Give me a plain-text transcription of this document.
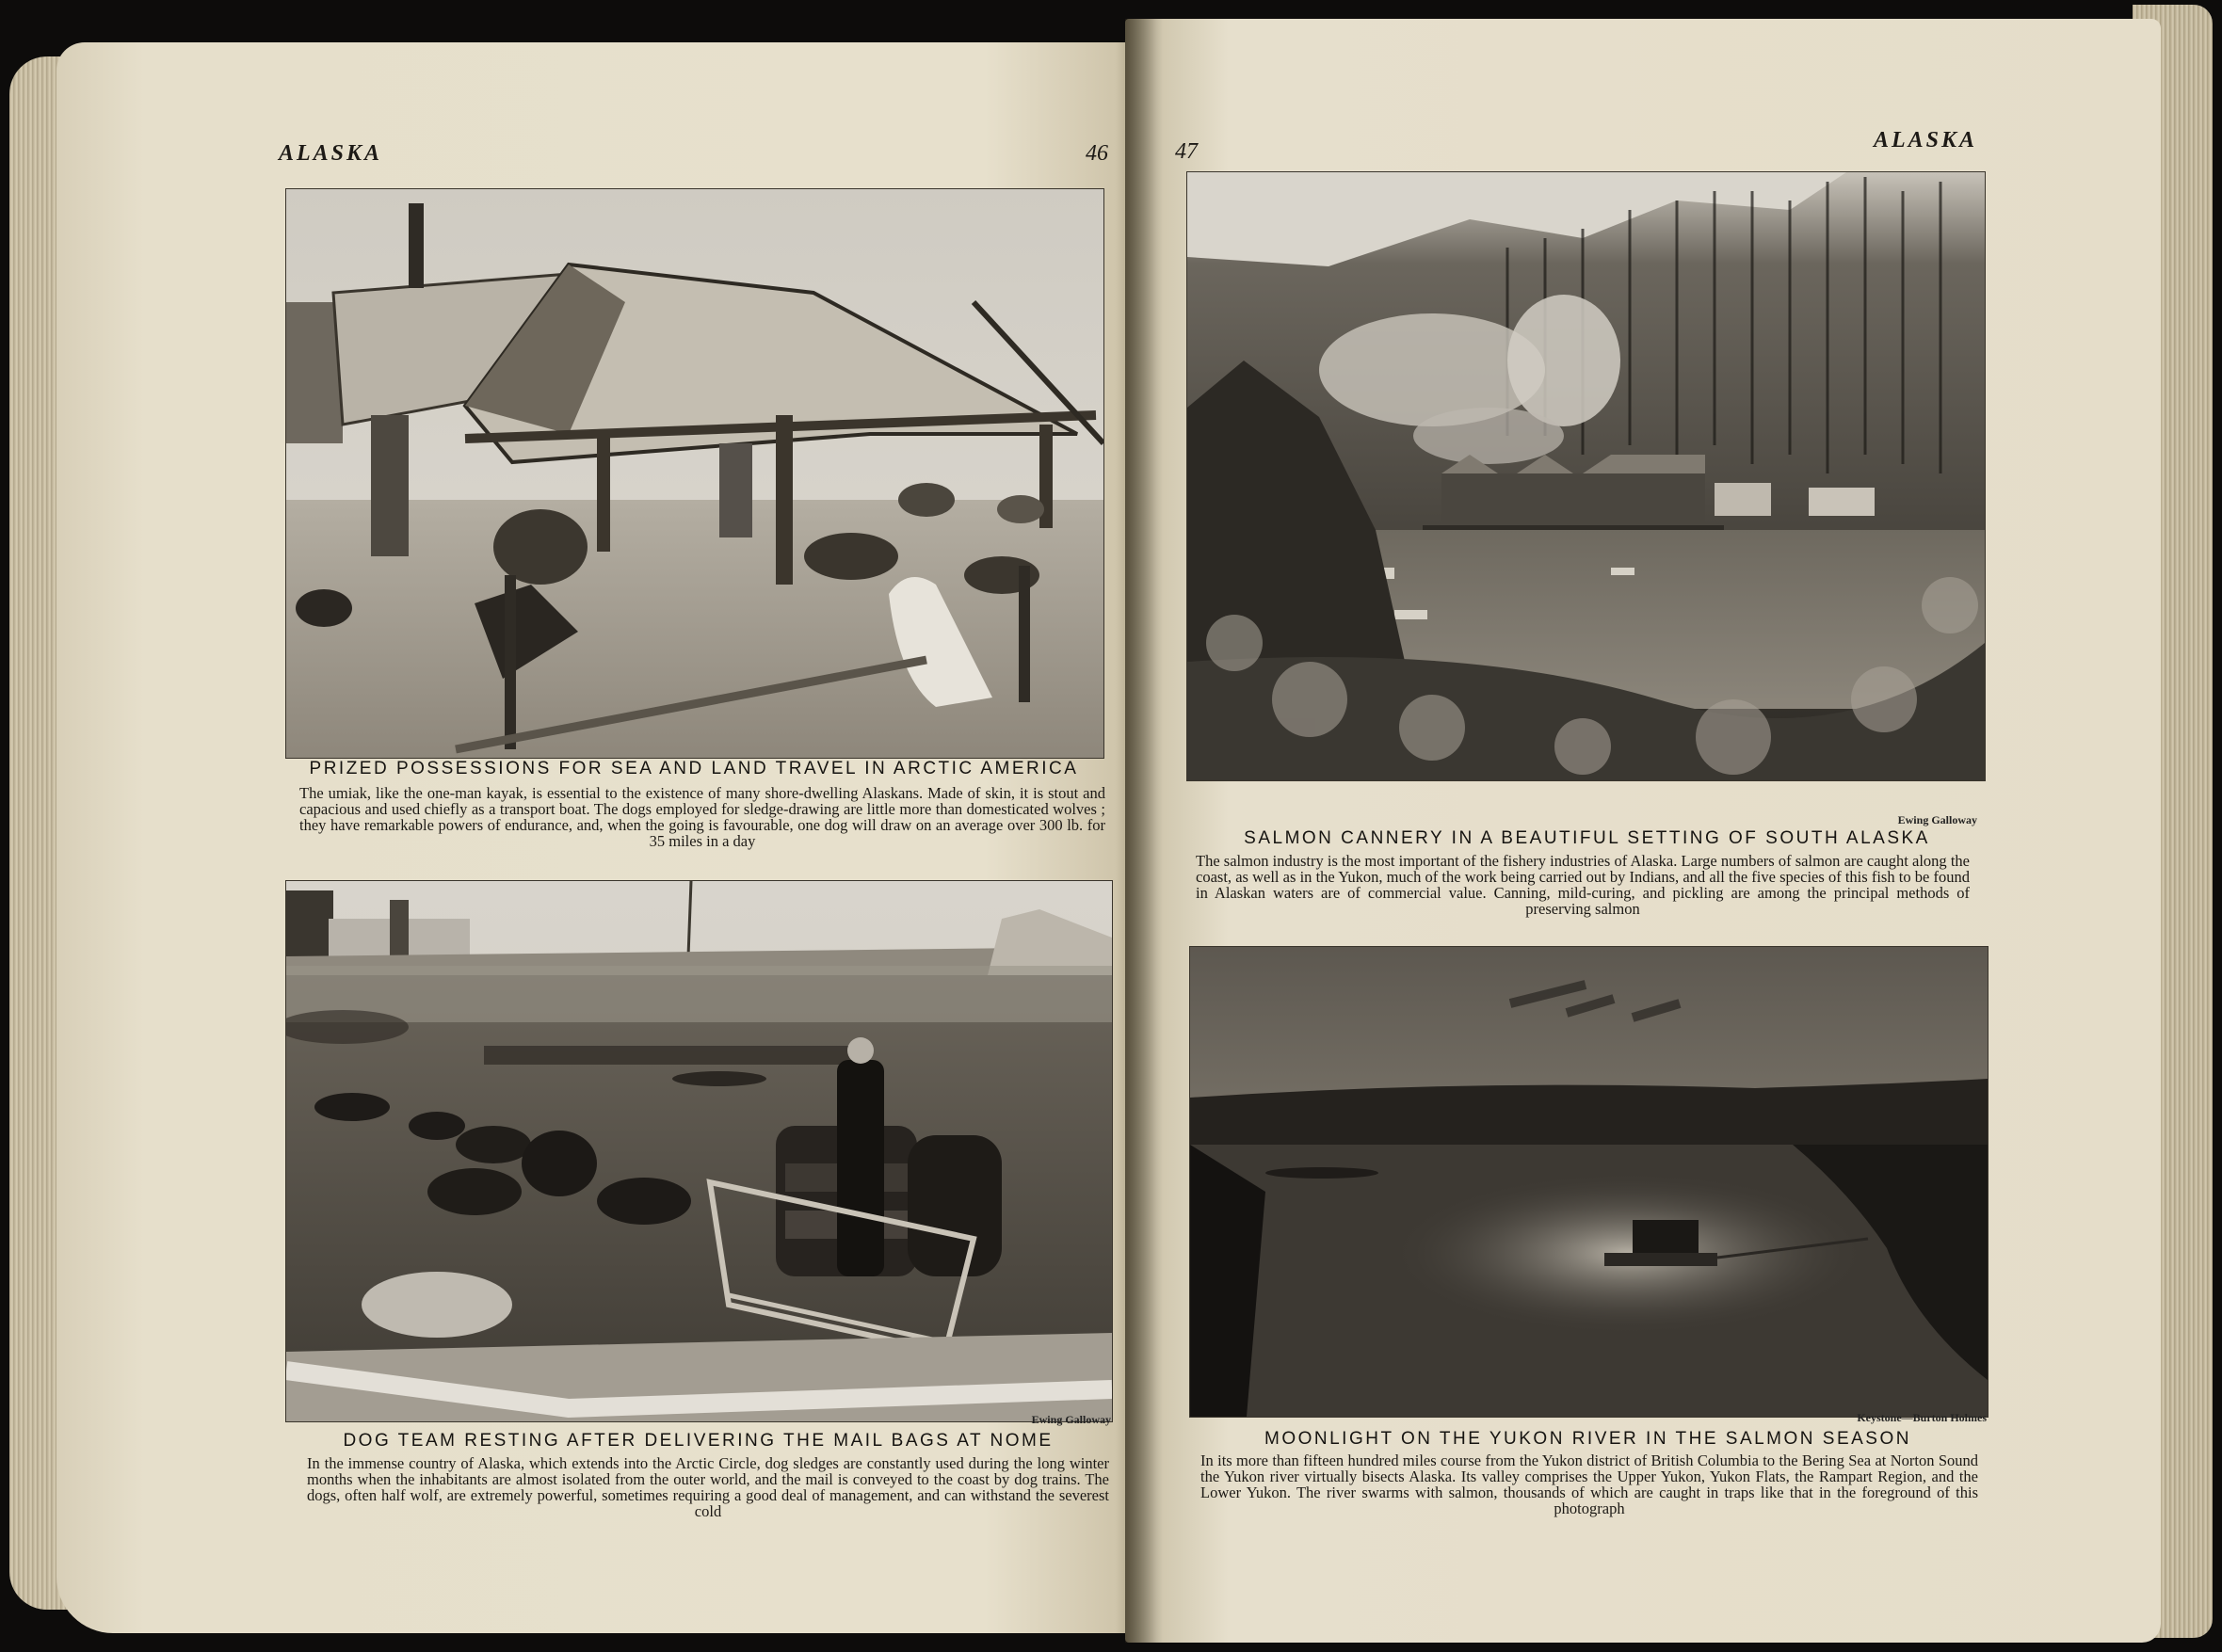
ALASKA	46
PRIZED POSSESSIONS FOR SEA AND LAND TRAVEL IN ARCTIC AMERICA
The umiak, like the one-man kayak, is essential to the existence of many shore-dwelling Alaskans. Made of skin, it is stout and capacious and used chiefly as a transport boat. The dogs employed for sledge-drawing are little more than domesticated wolves ; they have remarkable powers of endurance, and, when the going is favourable, one dog will draw on an average over 300 lb. for 35 miles in a day
Ewing Galloway
DOG TEAM RESTING AFTER DELIVERING THE MAIL BAGS AT NOME
In the immense country of Alaska, which extends into the Arctic Circle, dog sledges are constantly used during the long winter months when the inhabitants are almost isolated from the outer world, and the mail is conveyed to the coast by dog trains. The dogs, often half wolf, are extremely powerful, sometimes requiring a good deal of management, and can withstand the severest cold
47	ALASKA
Ewing Galloway
SALMON CANNERY IN A BEAUTIFUL SETTING OF SOUTH ALASKA
The salmon industry is the most important of the fishery industries of Alaska. Large numbers of salmon are caught along the coast, as well as in the Yukon, much of the work being carried out by Indians, and all the five species of this fish to be found in Alaskan waters are of commercial value. Canning, mild-curing, and pickling are among the principal methods of preserving salmon
Keystone—Burton Holmes
MOONLIGHT ON THE YUKON RIVER IN THE SALMON SEASON
In its more than fifteen hundred miles course from the Yukon district of British Columbia to the Bering Sea at Norton Sound the Yukon river virtually bisects Alaska. Its valley comprises the Upper Yukon, Yukon Flats, the Rampart Region, and the Lower Yukon. The river swarms with salmon, thousands of which are caught in traps like that in the foreground of this photograph
